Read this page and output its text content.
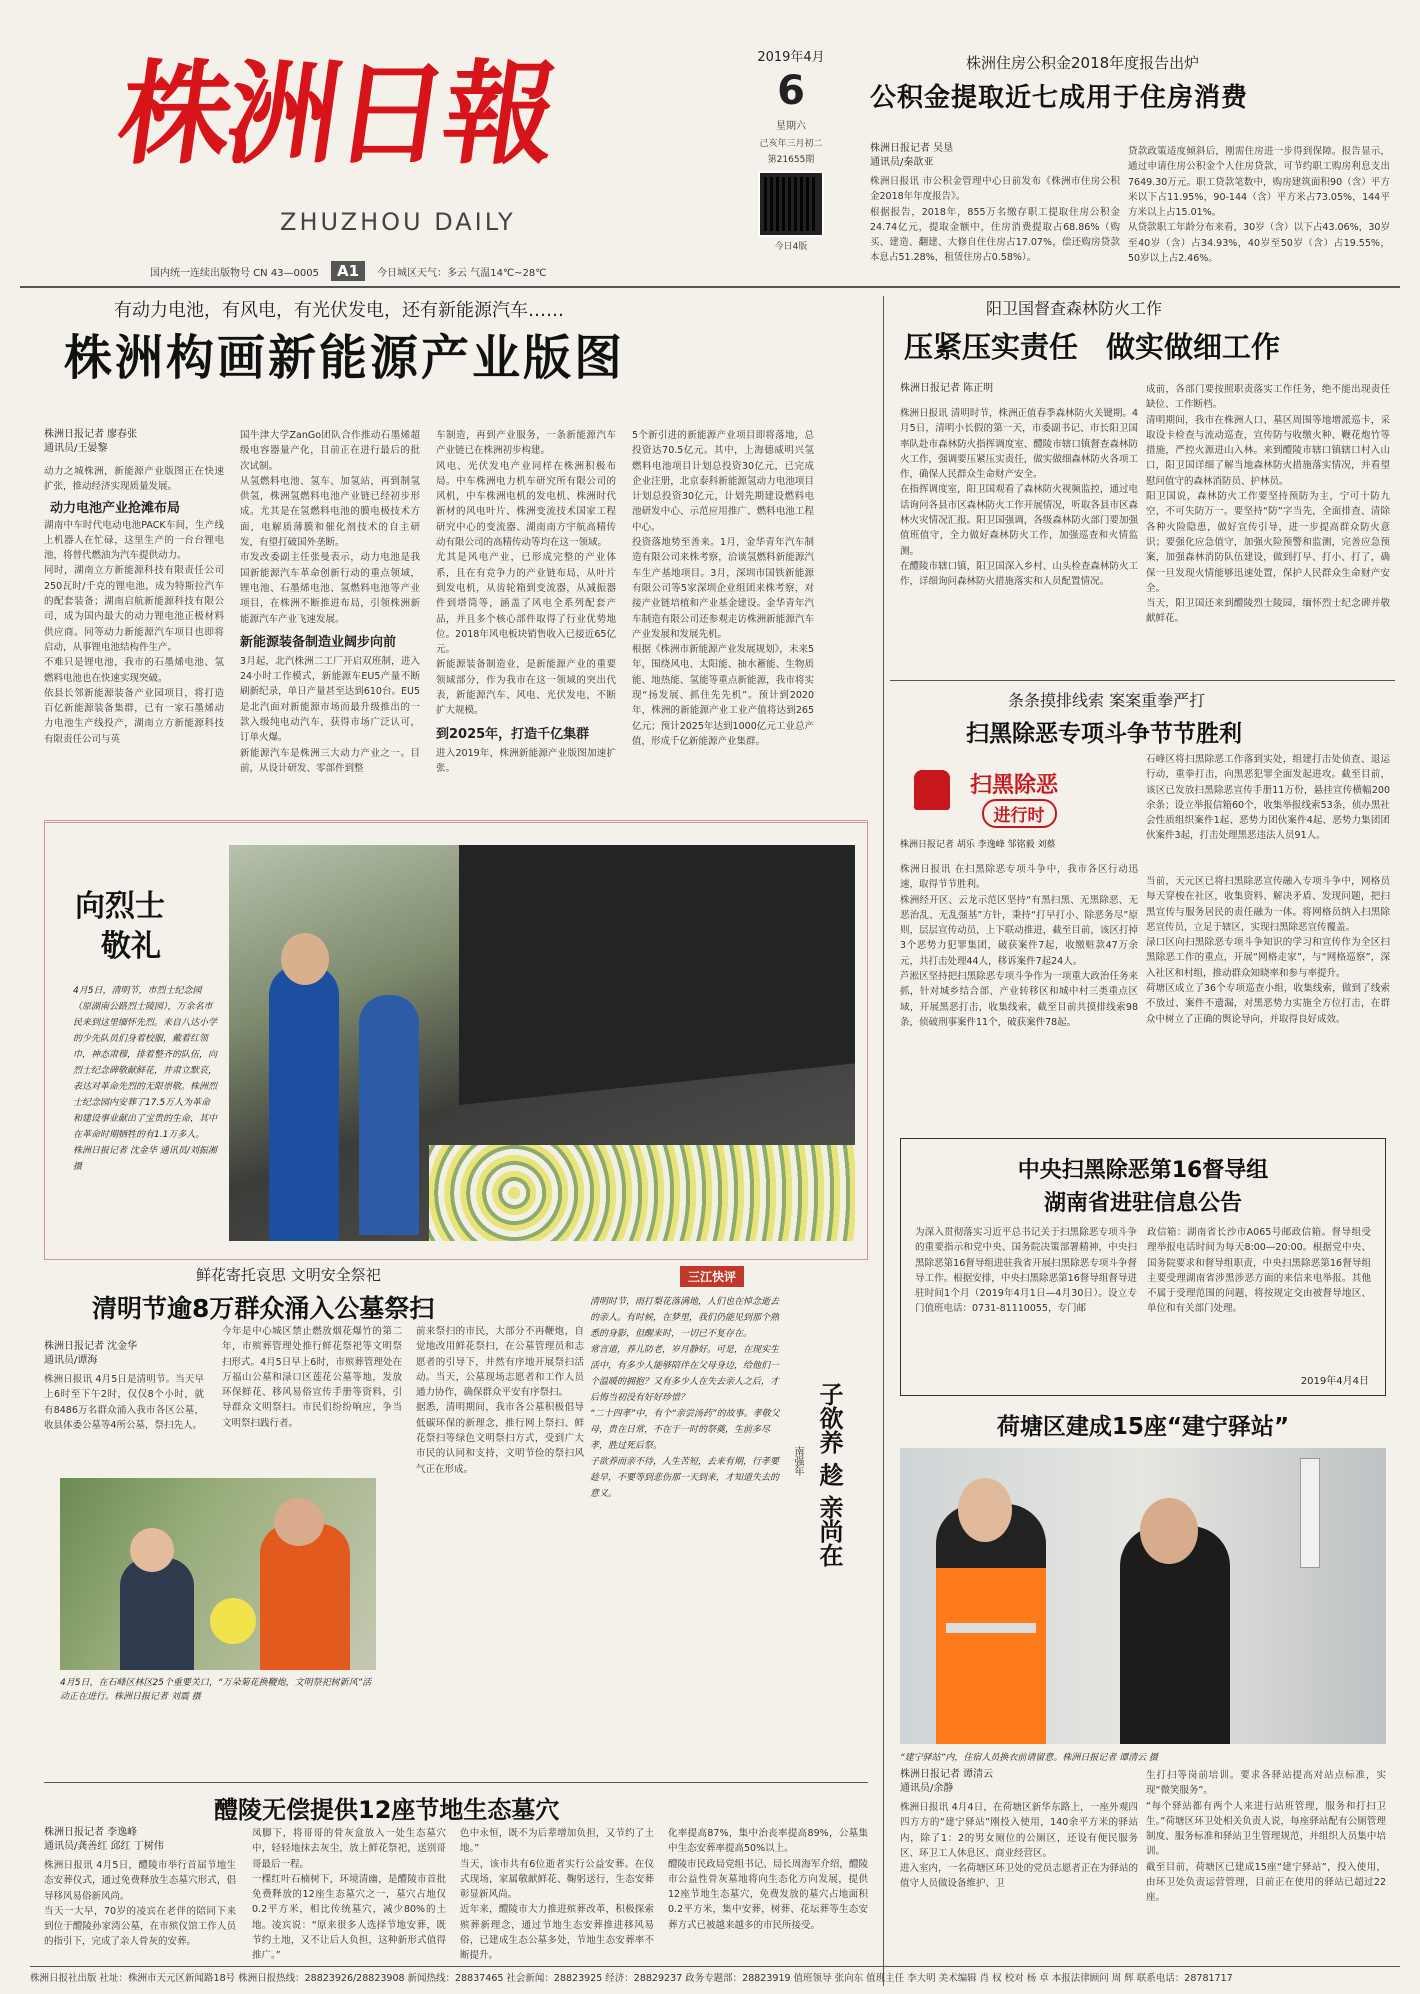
株洲日報
ZHUZHOU DAILY
2019年4月
6
星期六
己亥年三月初二
第21655期
今日4版
国内统一连续出版物号 CN 43—0005	A1	今日城区天气：多云 气温14℃~28℃
株洲住房公积金2018年度报告出炉
公积金提取近七成用于住房消费
株洲日报记者 吴垦
通讯员/秦歆亚
株洲日报讯 市公积金管理中心日前发布《株洲市住房公积金2018年年度报告》。
根据报告，2018年，855万名缴存职工提取住房公积金24.74亿元，提取金额中，住房消费提取占68.86%（购买、建造、翻建、大修自住住房占17.07%，偿还购房贷款本息占51.28%，租赁住房占0.58%）。
贷款政策适度倾斜后，刚需住房进一步得到保障。报告显示，通过申请住房公积金个人住房贷款，可节约职工购房利息支出7649.30万元。职工贷款笔数中，购房建筑面积90（含）平方米以下占11.95%，90-144（含）平方米占73.05%，144平方米以上占15.01%。
从贷款职工年龄分布来看，30岁（含）以下占43.06%，30岁至40岁（含）占34.93%，40岁至50岁（含）占19.55%，50岁以上占2.46%。
有动力电池，有风电，有光伏发电，还有新能源汽车……
株洲构画新能源产业版图
株洲日报记者 廖春张
通讯员/王晏黎
动力之城株洲，新能源产业版图正在快速扩张，推动经济实现质量发展。
动力电池产业抢滩布局
湖南中车时代电动电池PACK车间，生产线上机器人在忙碌，这里生产的一台台锂电池，将替代燃油为汽车提供动力。
同时，湖南立方新能源科技有限责任公司250瓦时/千克的锂电池，成为特斯拉汽车的配套装备；湖南启航新能源科技有限公司，成为国内最大的动力锂电池正极材料供应商。同等动力新能源汽车项目也即将启动，从事锂电池结构件生产。
不难只是锂电池，我市的石墨烯电池、氢燃料电池也在快速实现突破。
依县长邻新能源装备产业园项目，将打造百亿新能源装备集群，已有一家石墨烯动力电池生产线投产，湖南立方新能源科技有限责任公司与英
国牛津大学ZanGo团队合作推动石墨烯超级电容器量产化，目前正在进行最后的批次试制。
从氢燃料电池、氢车、加氢站，再到制氢供氢，株洲氢燃料电池产业链已经初步形成。尤其是在氢燃料电池的膜电极技术方面，电解质薄膜和催化剂技术的自主研发，有望打破国外垄断。
市发改委副主任张曼表示，动力电池是我国新能源汽车革命创新行动的重点领域，锂电池、石墨烯电池、氢燃料电池等产业项目，在株洲不断推进布局，引领株洲新能源汽车产业飞速发展。
新能源装备制造业阔步向前
3月起，北汽株洲二工厂开启双班制，进入24小时工作模式，新能源车EU5产量不断刷新纪录，单日产量甚至达到610台。EU5是北汽面对新能源市场而最升级推出的一款入级纯电动汽车，获得市场广泛认可，订单火爆。
新能源汽车是株洲三大动力产业之一。目前，从设计研发、零部件到整
车制造，再到产业服务，一条新能源汽车产业链已在株洲初步构建。
风电、光伏发电产业同样在株洲积极布局。中车株洲电力机车研究所有限公司的风机，中车株洲电机的发电机、株洲时代新材的风电叶片、株洲变流技术国家工程研究中心的变流器、湖南南方宇航高精传动有限公司的高精传动等均在这一领域。
尤其是风电产业，已形成完整的产业体系，且在有竞争力的产业链布局，从叶片到发电机，从齿轮箱到变流器，从减振器件到塔筒等，涵盖了风电全系列配套产品，并且多个核心部件取得了行业优势地位。2018年风电板块销售收入已接近65亿元。
新能源装备制造业，是新能源产业的重要领域部分，作为我市在这一领域的突出代表，新能源汽车、风电、光伏发电，不断扩大规模。
到2025年，打造千亿集群
进入2019年，株洲新能源产业版图加速扩张。
5个新引进的新能源产业项目即将落地，总投资达70.5亿元。其中，上海德威明兴氢燃料电池项目计划总投资30亿元，已完成企业注册，北京泰科新能源氢动力电池项目计划总投资30亿元，计划先期建设燃料电池研发中心、示范应用推广、燃料电池工程中心。
投资落地势至善来。1月，金华青年汽车制造有限公司来株考察，洽谈氢燃料新能源汽车生产基地项目。3月，深圳市国铁新能源有限公司等5家深圳企业组团来株考察，对接产业链培植和产业基金建设。金华青年汽车制造有限公司还参观走访株洲新能源汽车产业发展和发展先机。
根据《株洲市新能源产业发展规划》，未来5年，围绕风电、太阳能、抽水蓄能、生物质能、地热能、氢能等重点新能源，我市将实现“扬发展、抓住先先机”。预计到2020年，株洲的新能源产业工业产值将达到265亿元；预计2025年达到1000亿元工业总产值，形成千亿新能源产业集群。
阳卫国督查森林防火工作
压紧压实责任 做实做细工作
株洲日报记者 陈正明
株洲日报讯 清明时节，株洲正值春季森林防火关键期。4月5日，清明小长假的第一天，市委副书记、市长阳卫国率队赴市森林防火指挥调度室、醴陵市辖口镇督查森林防火工作，强调要压紧压实责任，做实做细森林防火各项工作，确保人民群众生命财产安全。
在指挥调度室，阳卫国观看了森林防火视频监控，通过电话询问各县市区森林防火工作开展情况，听取各县市区森林火灾情况汇报。阳卫国强调，各级森林防火部门要加强值班值守，全力做好森林防火工作，加强巡查和火情监测。
在醴陵市辖口镇，阳卫国深入乡村、山头检查森林防火工作，详细询问森林防火措施落实和人员配置情况。
成前，各部门要按照职责落实工作任务，绝不能出现责任缺位、工作断档。
清明期间，我市在株洲人口、墓区周围等地增派巡卡，采取设卡检查与流动巡查，宣传防与收缴火种、鞭花炮竹等措施，严控火源进山入林。来到醴陵市辖口镇辖口村入山口，阳卫国详细了解当地森林防火措施落实情况，并看望慰问值守的森林消防员、护林员。
阳卫国说，森林防火工作要坚持预防为主，宁可十防九空，不可失防万一。要坚持“防”字当先，全面排查、清除各种火险隐患，做好宣传引导，进一步提高群众防火意识；要强化应急值守，加强火险预警和监测，完善应急预案，加强森林消防队伍建设，做到打早、打小、打了，确保一旦发现火情能够迅速处置，保护人民群众生命财产安全。
当天，阳卫国还来到醴陵烈士陵园，缅怀烈士纪念碑并敬献鲜花。
条条摸排线索 案案重拳严打
扫黑除恶专项斗争节节胜利
扫黑除恶
进行时
株洲日报记者 胡乐 李逸峰 邹铭毅 刘蔡
石峰区将扫黑除恶工作落到实处，组建打击处侦查、退运行动，重拳打击，向黑恶犯罪全面发起进攻。截至目前，该区已发放扫黑除恶宣传手册11万份，悬挂宣传横幅200余条；设立举报信箱60个，收集举报线索53条，侦办黑社会性质组织案件1起、恶势力团伙案件4起、恶势力集团团伙案件3起，打击处理黑恶违法人员91人。
株洲日报讯 在扫黑除恶专项斗争中，我市各区行动迅速，取得节节胜利。
株洲经开区、云龙示范区坚持“有黑扫黑、无黑除恶、无恶治乱、无乱强基”方针，秉持“打早打小、除恶务尽”原则，层层宣传动员，上下联动推进，截至目前，该区打掉3个恶势力犯罪集团，破获案件7起，收缴赃款47万余元，共打击处理44人，移诉案件7起24人。
芦淞区坚持把扫黑除恶专项斗争作为一项重大政治任务来抓，针对城乡结合部、产业转移区和城中村三类重点区域，开展黑恶打击，收集线索，截至目前共摸排线索98条，侦破刑事案件11个，破获案件78起。
当前，天元区已将扫黑除恶宣传融入专项斗争中，网格员每天穿梭在社区，收集资料、解决矛盾、发现问题，把扫黑宣传与服务居民的责任融为一体。将网格员纳入扫黑除恶宣传员，立足于辖区，实现扫黑除恶宣传覆盖。
渌口区向扫黑除恶专项斗争知识的学习和宣传作为全区扫黑除恶工作的重点，开展“网格走家”，与“网格巡察”，深入社区和村组，推动群众知晓率和参与率提升。
荷塘区成立了36个专项巡查小组，收集线索，做到了线索不放过、案件不遗漏，对黑恶势力实施全方位打击，在群众中树立了正确的舆论导向，并取得良好成效。
中央扫黑除恶第16督导组
湖南省进驻信息公告
为深入贯彻落实习近平总书记关于扫黑除恶专项斗争的重要指示和党中央、国务院决策部署精神，中央扫黑除恶第16督导组进驻我省开展扫黑除恶专项斗争督导工作。根据安排，中央扫黑除恶第16督导组督导进驻时间1个月（2019年4月1日—4月30日）。设立专门值班电话：0731-81110055，专门邮
政信箱：湖南省长沙市A065号邮政信箱。督导组受理举报电话时间为每天8:00—20:00。根据党中央、国务院要求和督导组职责，中央扫黑除恶第16督导组主要受理湖南省涉黑涉恶方面的来信来电举报。其他不属于受理范围的问题，将按规定交由被督导地区、单位和有关部门处理。
2019年4月4日
荷塘区建成15座“建宁驿站”
“建宁驿站”内，住宿人员换衣前请留意。株洲日报记者 谭清云 摄
株洲日报记者 谭清云
通讯员/余静
株洲日报讯 4月4日，在荷塘区新华东路上，一座外观四四方方的“建宁驿站”刚投入使用，140余平方米的驿站内，除了1：2的男女厕位的公厕区，还设有便民服务区、环卫工人休息区、商业经营区。
进入室内，一名荷塘区环卫处的党员志愿者正在为驿站的值守人员做设备维护、卫
生打扫等岗前培训。要求各驿站提高对站点标准，实现“微笑服务”。
“每个驿站都有两个人来进行站班管理，服务和打扫卫生。”荷塘区环卫处相关负责人说，每座驿站配有公厕管理制度、服务标准和驿站卫生管理规范，并组织人员集中培训。
截至目前，荷塘区已建成15座“建宁驿站”，投入使用，由环卫处负责运营管理，目前正在使用的驿站已超过22座。
向烈士
敬礼
4月5日，清明节，市烈士纪念园（原湖南公路烈士陵园），万余名市民来到这里缅怀先烈。来自八达小学的少先队员们身着校服，戴着红领巾，神态肃穆，排着整齐的队伍，向烈士纪念碑敬献鲜花，并肃立默哀，表达对革命先烈的无限崇敬。株洲烈士纪念园内安葬了17.5万人为革命和建设事业献出了宝贵的生命，其中在革命时期牺牲的有1.1万多人。
株洲日报记者 沈金华 通讯员/刘振湘 摄
鲜花寄托哀思 文明安全祭祀
清明节逾8万群众涌入公墓祭扫
株洲日报记者 沈金华
通讯员/谭海
株洲日报讯 4月5日是清明节。当天早上6时至下午2时，仅仅8个小时，就有8486万名群众涌入我市各区公墓，收县体委公墓等4所公墓，祭扫先人。
今年是中心城区禁止燃放烟花爆竹的第二年，市殡葬管理处推行鲜花祭祀等文明祭扫形式。4月5日早上6时，市殡葬管理处在万福山公墓和渌口区莲花公墓等地，发放环保鲜花、移风易俗宣传手册等资料，引导群众文明祭扫。市民们纷纷响应，争当文明祭扫践行者。
前来祭扫的市民，大部分不再鞭炮，自觉地改用鲜花祭扫，在公墓管理员和志愿者的引导下，井然有序地开展祭扫活动。当天，公墓现场志愿者和工作人员通力协作，确保群众平安有序祭扫。
据悉，清明期间，我市各公墓积极倡导低碳环保的新理念，推行网上祭扫、鲜花祭扫等绿色文明祭扫方式，受到广大市民的认同和支持，文明节俭的祭扫风气正在形成。
4月5日，在石峰区林区25个重要关口，“万朵菊花换鞭炮，文明祭祀树新风”活动正在进行。株洲日报记者 刘震 摄
三江快评
清明时节，雨打梨花落满地，人们也在悼念逝去的亲人。有时候，在梦里，我们仍能见到那个熟悉的身影，但醒来时，一切已不复存在。
常言道，养儿防老，岁月静好。可是，在现实生活中，有多少人能够陪伴在父母身边，给他们一个温暖的拥抱？又有多少人在失去亲人之后，才后悔当初没有好好珍惜？
“二十四孝”中，有个“亲尝汤药”的故事。孝敬父母，贵在日常，不在于一时的祭奠，生前多尽孝，胜过死后祭。
子欲养而亲不待，人生苦短，去来有期，行孝要趁早，不要等到悲伤那一天到来，才知道失去的意义。	子欲养 趁 亲尚在
南强年
醴陵无偿提供12座节地生态墓穴
株洲日报记者 李逸峰
通讯员/龚善红 邱红 丁树伟
株洲日报讯 4月5日，醴陵市举行首届节地生态安葬仪式，通过免费释放生态墓穴形式，倡导移风易俗新风尚。
当天一大早，70岁的凌宾在老伴的陪同下来到位于醴陵孙家湾公墓，在市殡仪馆工作人员的指引下，完成了亲人骨灰的安葬。
凤脚下，将哥哥的骨灰盒放入一处生态墓穴中，轻轻地抹去灰尘，放上鲜花祭祀，送别哥哥最后一程。
一棵红叶石楠树下，环境清幽，是醴陵市首批免费释放的12座生态墓穴之一，墓穴占地仅0.2平方米，相比传统墓穴，减少80%的土地。凌宾说：“原来很多人选择节地安葬，既节约土地，又不让后人负担，这种新形式值得推广。”
色中永恒，既不为后辈增加负担，又节约了土地。”
当天，该市共有6位逝者实行公益安葬。在仪式现场，家属敬献鲜花、鞠躬送行，生态安葬彰显新风尚。
近年来，醴陵市大力推进殡葬改革，积极探索殡葬新理念，通过节地生态安葬推进移风易俗，已建成生态公墓多处，节地生态安葬率不断提升。
化率提高87%，集中治丧率提高89%，公墓集中生态安葬率提高50%以上。
醴陵市民政局党组书记、局长周海军介绍，醴陵市公益性骨灰墓地将向生态化方向发展，提供12座节地生态墓穴，免费发放的墓穴占地面积0.2平方米，集中安葬，树葬、花坛葬等生态安葬方式已被越来越多的市民所接受。
株洲日报社出版 社址：株洲市天元区新闻路18号 株洲日报热线：28823926/28823908 新闻热线：28837465 社会新闻：28823925 经济：28829237 政务专题部：28823919 值班领导 张向东 值班主任 李大明 美术编辑 肖 权 校对 杨 卓 本报法律顾问 周 辉 联系电话：28781717
